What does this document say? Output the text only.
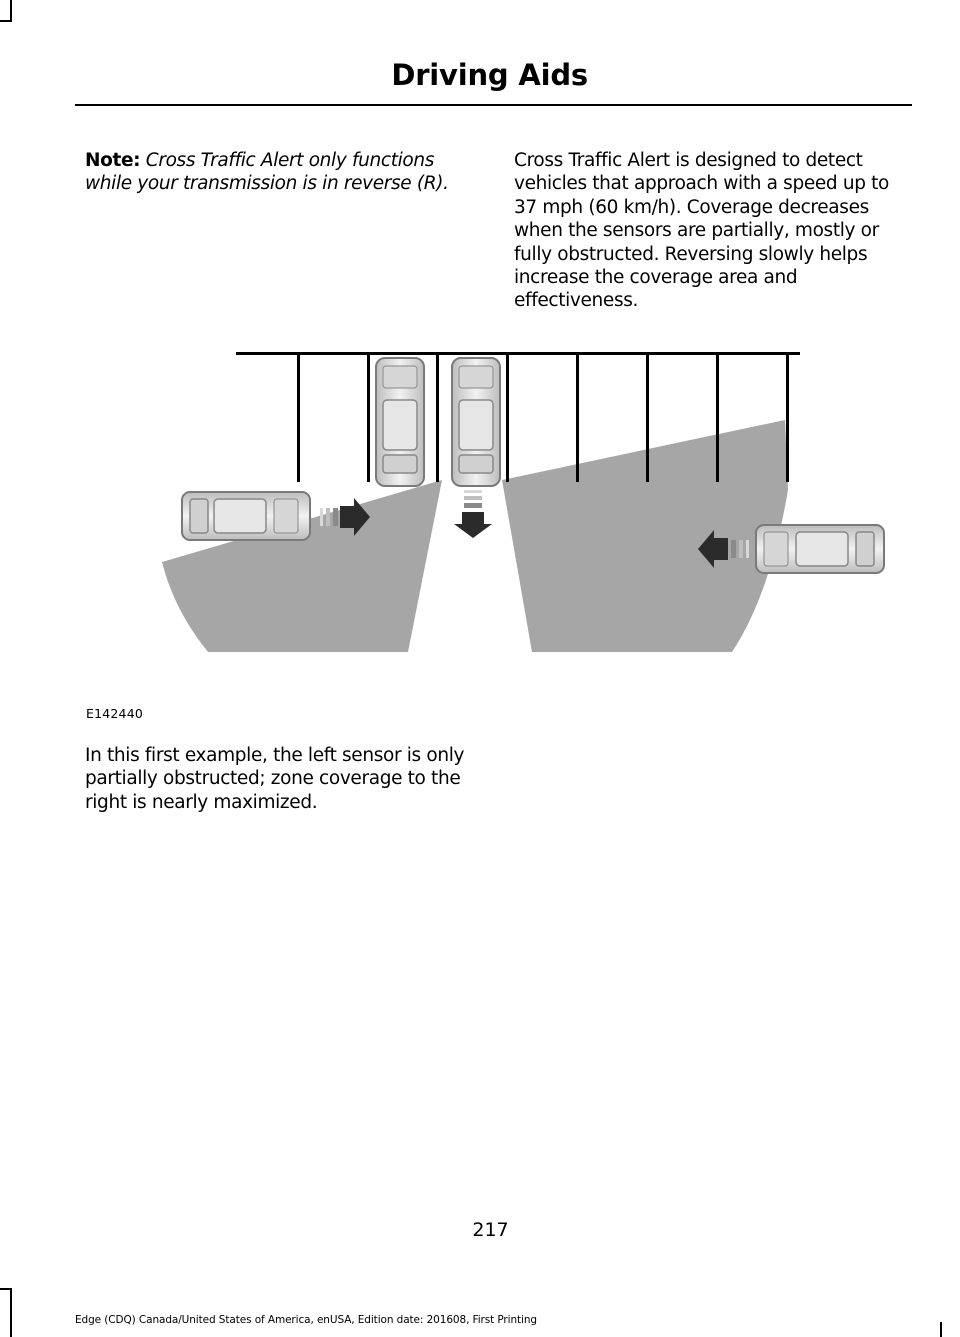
Driving Aids
Note: Cross Traffic Alert only functions while your transmission is in reverse (R).
Cross Traffic Alert is designed to detect vehicles that approach with a speed up to 37 mph (60 km/h). Coverage decreases when the sensors are partially, mostly or fully obstructed. Reversing slowly helps increase the coverage area and effectiveness.
E142440
In this first example, the left sensor is only partially obstructed; zone coverage to the right is nearly maximized.
217
Edge (CDQ) Canada/United States of America, enUSA, Edition date: 201608, First Printing
